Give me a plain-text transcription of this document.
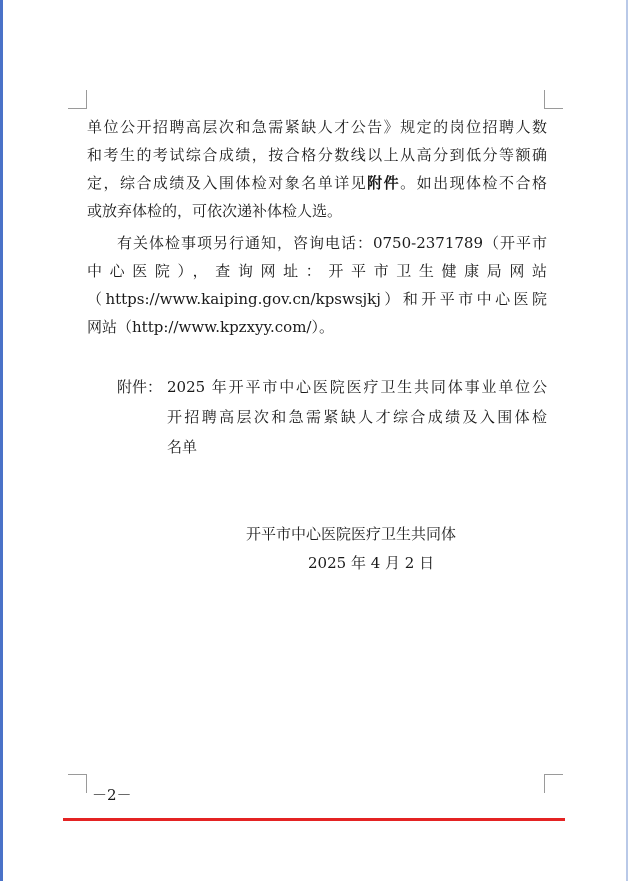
单位公开招聘高层次和急需紧缺人才公告》规定的岗位招聘人数
和考生的考试综合成绩，按合格分数线以上从高分到低分等额确
定，综合成绩及入围体检对象名单详见附件。如出现体检不合格
或放弃体检的，可依次递补体检人选。
有关体检事项另行通知，咨询电话：0750-2371789（开平市
中心医院），查询网址：开平市卫生健康局网站
（https://www.kaiping.gov.cn/kpswsjkj）和开平市中心医院
网站（http://www.kpzxyy.com/）。
附件： 2025 年开平市中心医院医疗卫生共同体事业单位公
开招聘高层次和急需紧缺人才综合成绩及入围体检
名单
开平市中心医院医疗卫生共同体
2025 年 4 月 2 日
－2－
